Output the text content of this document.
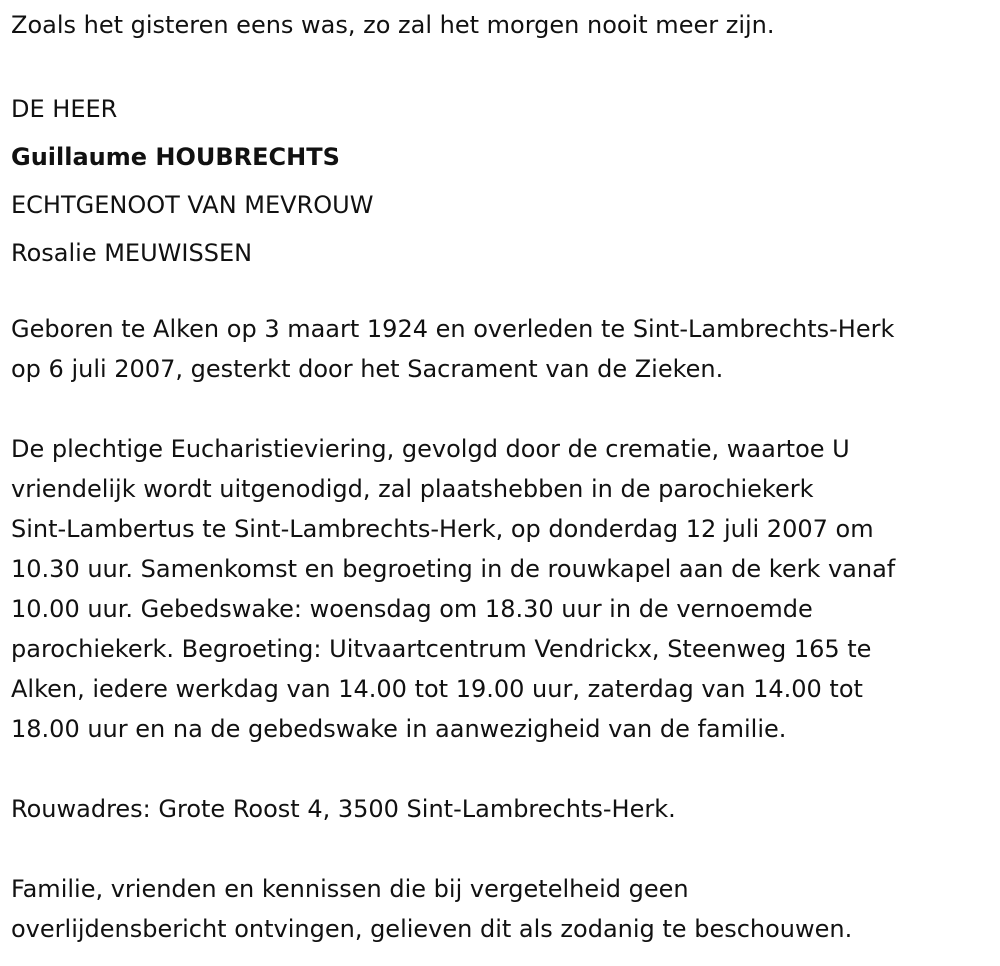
Zoals het gisteren eens was, zo zal het morgen nooit meer zijn.

DE HEER

Guillaume HOUBRECHTS

ECHTGENOOT VAN MEVROUW

Rosalie MEUWISSEN

Geboren te Alken op 3 maart 1924 en overleden te Sint-Lambrechts-Herk

op 6 juli 2007, gesterkt door het Sacrament van de Zieken.

De plechtige Eucharistieviering, gevolgd door de crematie, waartoe U

vriendelijk wordt uitgenodigd, zal plaatshebben in de parochiekerk

Sint-Lambertus te Sint-Lambrechts-Herk, op donderdag 12 juli 2007 om

10.30 uur. Samenkomst en begroeting in de rouwkapel aan de kerk vanaf

10.00 uur. Gebedswake: woensdag om 18.30 uur in de vernoemde

parochiekerk. Begroeting: Uitvaartcentrum Vendrickx, Steenweg 165 te

Alken, iedere werkdag van 14.00 tot 19.00 uur, zaterdag van 14.00 tot

18.00 uur en na de gebedswake in aanwezigheid van de familie.

Rouwadres: Grote Roost 4, 3500 Sint-Lambrechts-Herk.

Familie, vrienden en kennissen die bij vergetelheid geen

overlijdensbericht ontvingen, gelieven dit als zodanig te beschouwen.
